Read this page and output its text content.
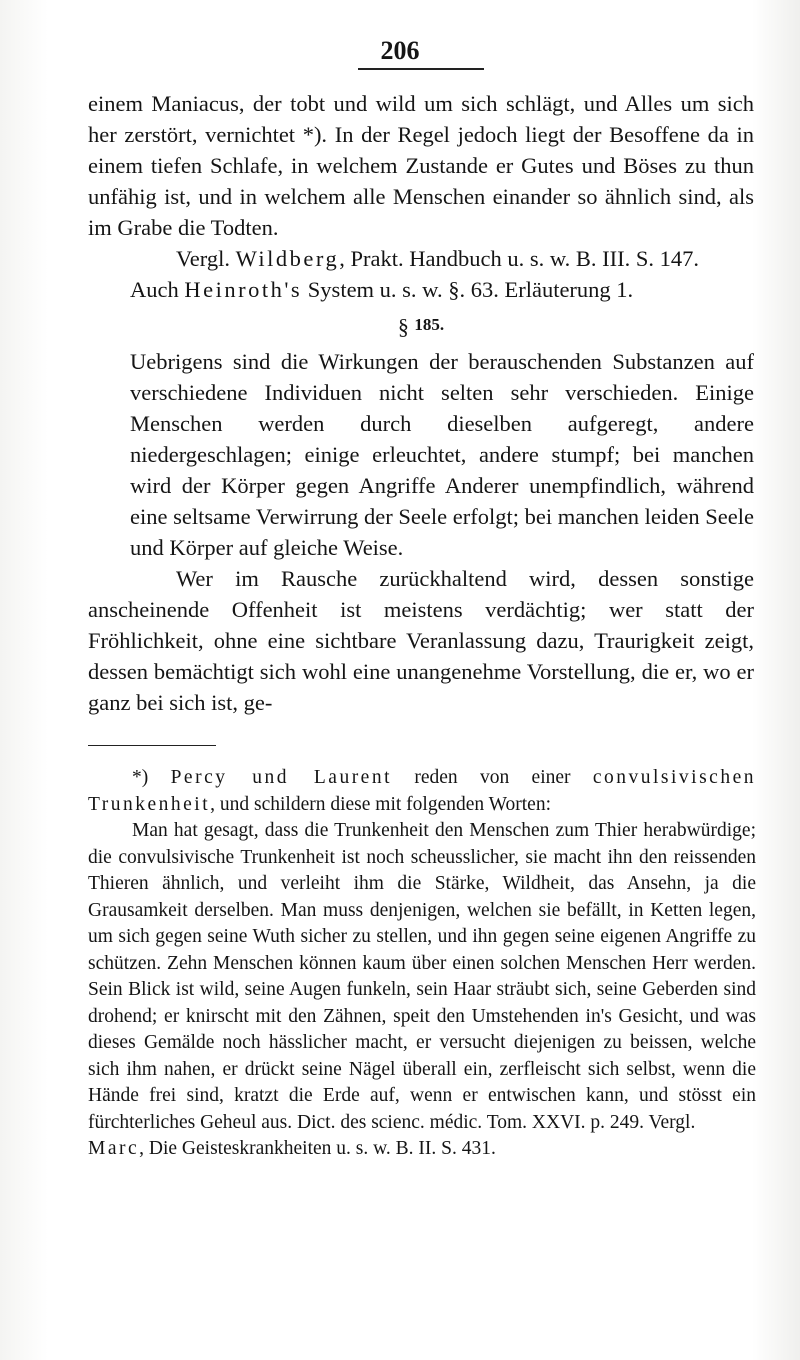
206

einem Maniacus, der tobt und wild um sich schlägt, und Alles um sich her zerstört, vernichtet *). In der Regel jedoch liegt der Besoffene da in einem tiefen Schlafe, in welchem Zustande er Gutes und Böses zu thun unfähig ist, und in welchem alle Menschen einander so ähnlich sind, als im Grabe die Todten.

Vergl. Wildberg, Prakt. Handbuch u. s. w. B. III. S. 147.

Auch Heinroth's System u. s. w. §. 63. Erläuterung 1.

§ 185.

Uebrigens sind die Wirkungen der berauschenden Substanzen auf verschiedene Individuen nicht selten sehr verschieden. Einige Menschen werden durch dieselben aufgeregt, andere niedergeschlagen; einige erleuchtet, andere stumpf; bei manchen wird der Körper gegen Angriffe Anderer unempfindlich, während eine seltsame Verwirrung der Seele erfolgt; bei manchen leiden Seele und Körper auf gleiche Weise.

Wer im Rausche zurückhaltend wird, dessen sonstige anscheinende Offenheit ist meistens verdächtig; wer statt der Fröhlichkeit, ohne eine sichtbare Veranlassung dazu, Traurigkeit zeigt, dessen bemächtigt sich wohl eine unangenehme Vorstellung, die er, wo er ganz bei sich ist, ge-

*) Percy und Laurent reden von einer convulsivischen Trunkenheit, und schildern diese mit folgenden Worten:

Man hat gesagt, dass die Trunkenheit den Menschen zum Thier herabwürdige; die convulsivische Trunkenheit ist noch scheusslicher, sie macht ihn den reissenden Thieren ähnlich, und verleiht ihm die Stärke, Wildheit, das Ansehn, ja die Grausamkeit derselben. Man muss denjenigen, welchen sie befällt, in Ketten legen, um sich gegen seine Wuth sicher zu stellen, und ihn gegen seine eigenen Angriffe zu schützen. Zehn Menschen können kaum über einen solchen Menschen Herr werden. Sein Blick ist wild, seine Augen funkeln, sein Haar sträubt sich, seine Geberden sind drohend; er knirscht mit den Zähnen, speit den Umstehenden in's Gesicht, und was dieses Gemälde noch hässlicher macht, er versucht diejenigen zu beissen, welche sich ihm nahen, er drückt seine Nägel überall ein, zerfleischt sich selbst, wenn die Hände frei sind, kratzt die Erde auf, wenn er entwischen kann, und stösst ein fürchterliches Geheul aus. Dict. des scienc. médic. Tom. XXVI. p. 249. Vergl.

Marc, Die Geisteskrankheiten u. s. w. B. II. S. 431.
